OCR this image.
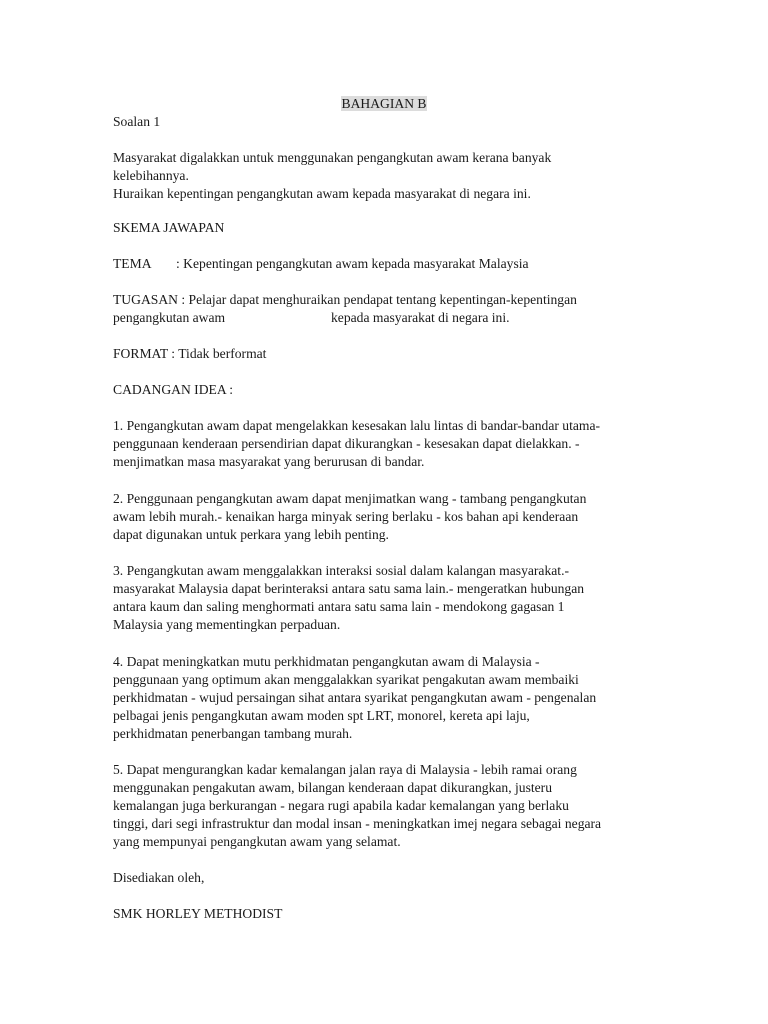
BAHAGIAN B

Soalan 1

Masyarakat digalakkan untuk menggunakan pengangkutan awam kerana banyak

kelebihannya.

Huraikan kepentingan pengangkutan awam kepada masyarakat di negara ini.

SKEMA JAWAPAN

TEMA : Kepentingan pengangkutan awam kepada masyarakat Malaysia

TUGASAN : Pelajar dapat menghuraikan pendapat tentang kepentingan-kepentingan

pengangkutan awam	kepada masyarakat di negara ini.

FORMAT : Tidak berformat

CADANGAN IDEA :

1. Pengangkutan awam dapat mengelakkan kesesakan lalu lintas di bandar-bandar utama-

penggunaan kenderaan persendirian dapat dikurangkan - kesesakan dapat dielakkan. -

menjimatkan masa masyarakat yang berurusan di bandar.

2. Penggunaan pengangkutan awam dapat menjimatkan wang - tambang pengangkutan

awam lebih murah.- kenaikan harga minyak sering berlaku - kos bahan api kenderaan

dapat digunakan untuk perkara yang lebih penting.

3. Pengangkutan awam menggalakkan interaksi sosial dalam kalangan masyarakat.-

masyarakat Malaysia dapat berinteraksi antara satu sama lain.- mengeratkan hubungan

antara kaum dan saling menghormati antara satu sama lain - mendokong gagasan 1

Malaysia yang mementingkan perpaduan.

4. Dapat meningkatkan mutu perkhidmatan pengangkutan awam di Malaysia -

penggunaan yang optimum akan menggalakkan syarikat pengakutan awam membaiki

perkhidmatan - wujud persaingan sihat antara syarikat pengangkutan awam - pengenalan

pelbagai jenis pengangkutan awam moden spt LRT, monorel, kereta api laju,

perkhidmatan penerbangan tambang murah.

5. Dapat mengurangkan kadar kemalangan jalan raya di Malaysia - lebih ramai orang

menggunakan pengakutan awam, bilangan kenderaan dapat dikurangkan, justeru

kemalangan juga berkurangan - negara rugi apabila kadar kemalangan yang berlaku

tinggi, dari segi infrastruktur dan modal insan - meningkatkan imej negara sebagai negara

yang mempunyai pengangkutan awam yang selamat.

Disediakan oleh,

SMK HORLEY METHODIST
